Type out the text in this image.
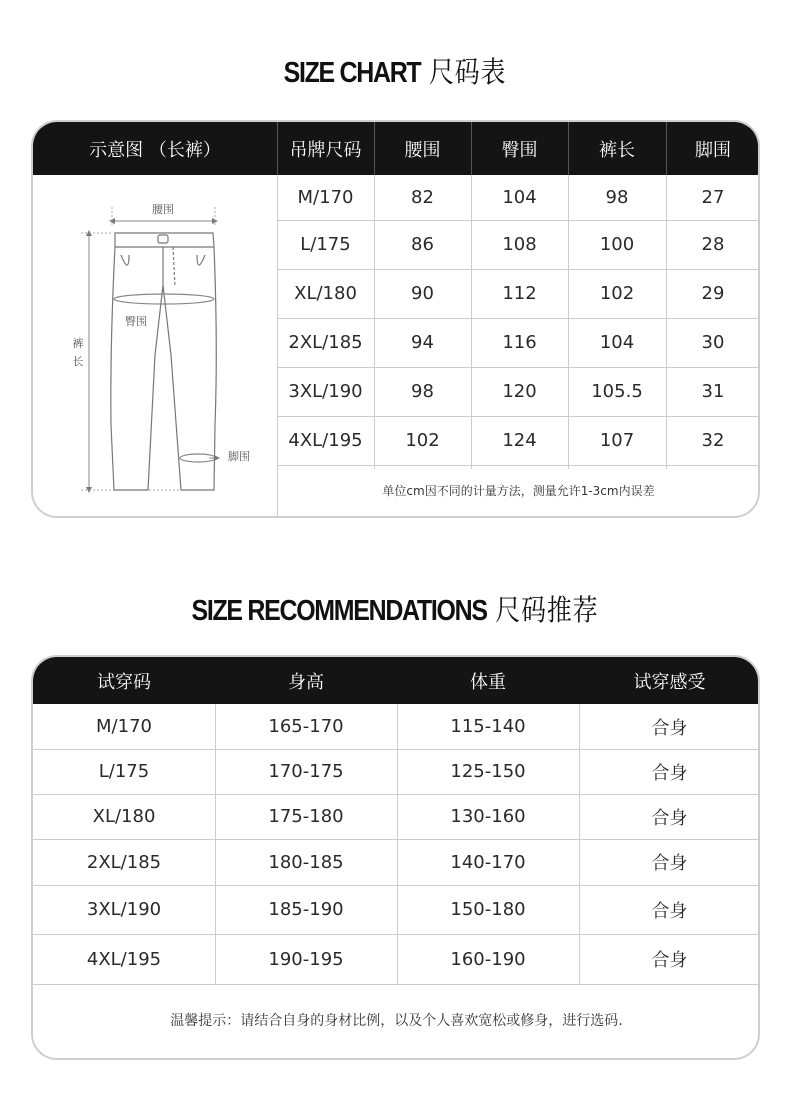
SIZE CHART 尺码表
示意图 （长裤）	吊牌尺码	腰围	臀围	裤长	脚围
腰围
裤
长
臀围
脚围
M/170	82	104	98	27
L/175	86	108	100	28
XL/180	90	112	102	29
2XL/185	94	116	104	30
3XL/190	98	120	105.5	31
4XL/195	102	124	107	32
单位cm因不同的计量方法，测量允许1-3cm内误差
SIZE RECOMMENDATIONS 尺码推荐
试穿码	身高	体重	试穿感受
M/170	165-170	115-140	合身
L/175	170-175	125-150	合身
XL/180	175-180	130-160	合身
2XL/185	180-185	140-170	合身
3XL/190	185-190	150-180	合身
4XL/195	190-195	160-190	合身
温馨提示：请结合自身的身材比例，以及个人喜欢宽松或修身，进行选码.
